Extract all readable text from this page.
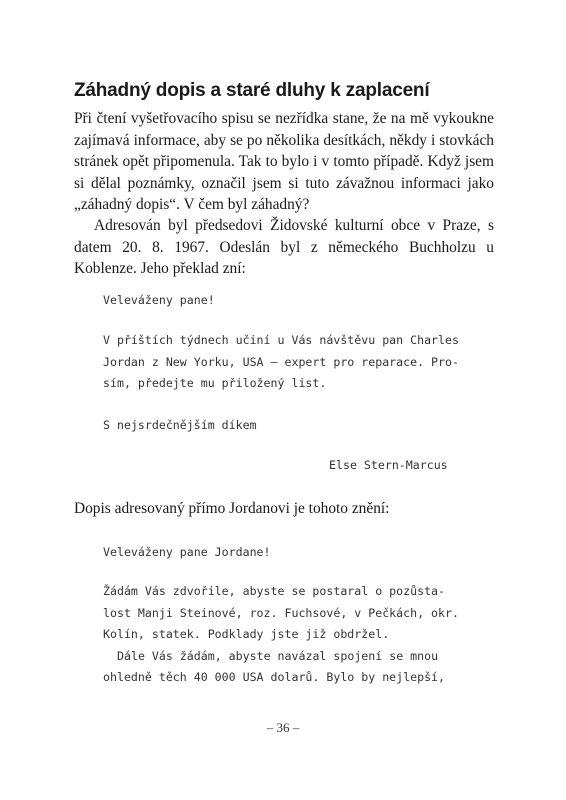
Záhadný dopis a staré dluhy k zaplacení

Při čtení vyšetřovacího spisu se nezřídka stane, že na mě vykoukne zajímavá informace, aby se po několika desítkách, někdy i stovkách stránek opět připomenula. Tak to bylo i v tomto případě. Když jsem si dělal poznámky, označil jsem si tuto závažnou informaci jako „záhadný dopis“. V čem byl záhadný?

Adresován byl předsedovi Židovské kulturní obce v Praze, s datem 20. 8. 1967. Odeslán byl z německého Buchholzu u Koblenze. Jeho překlad zní:

Veleváženy pane!

V příštích týdnech učiní u Vás návštěvu pan Charles
Jordan z New Yorku, USA – expert pro reparace. Pro-
sím, předejte mu přiložený list.

S nejsrdečnějším díkem

Else Stern-Marcus

Dopis adresovaný přímo Jordanovi je tohoto znění:

Veleváženy pane Jordane!

Žádám Vás zdvořile, abyste se postaral o pozůsta-
lost Manji Steinové, roz. Fuchsové, v Pečkách, okr.
Kolín, statek. Podklady jste již obdržel.
Dále Vás žádám, abyste navázal spojení se mnou
ohledně těch 40 000 USA dolarů. Bylo by nejlepší,

– 36 –
